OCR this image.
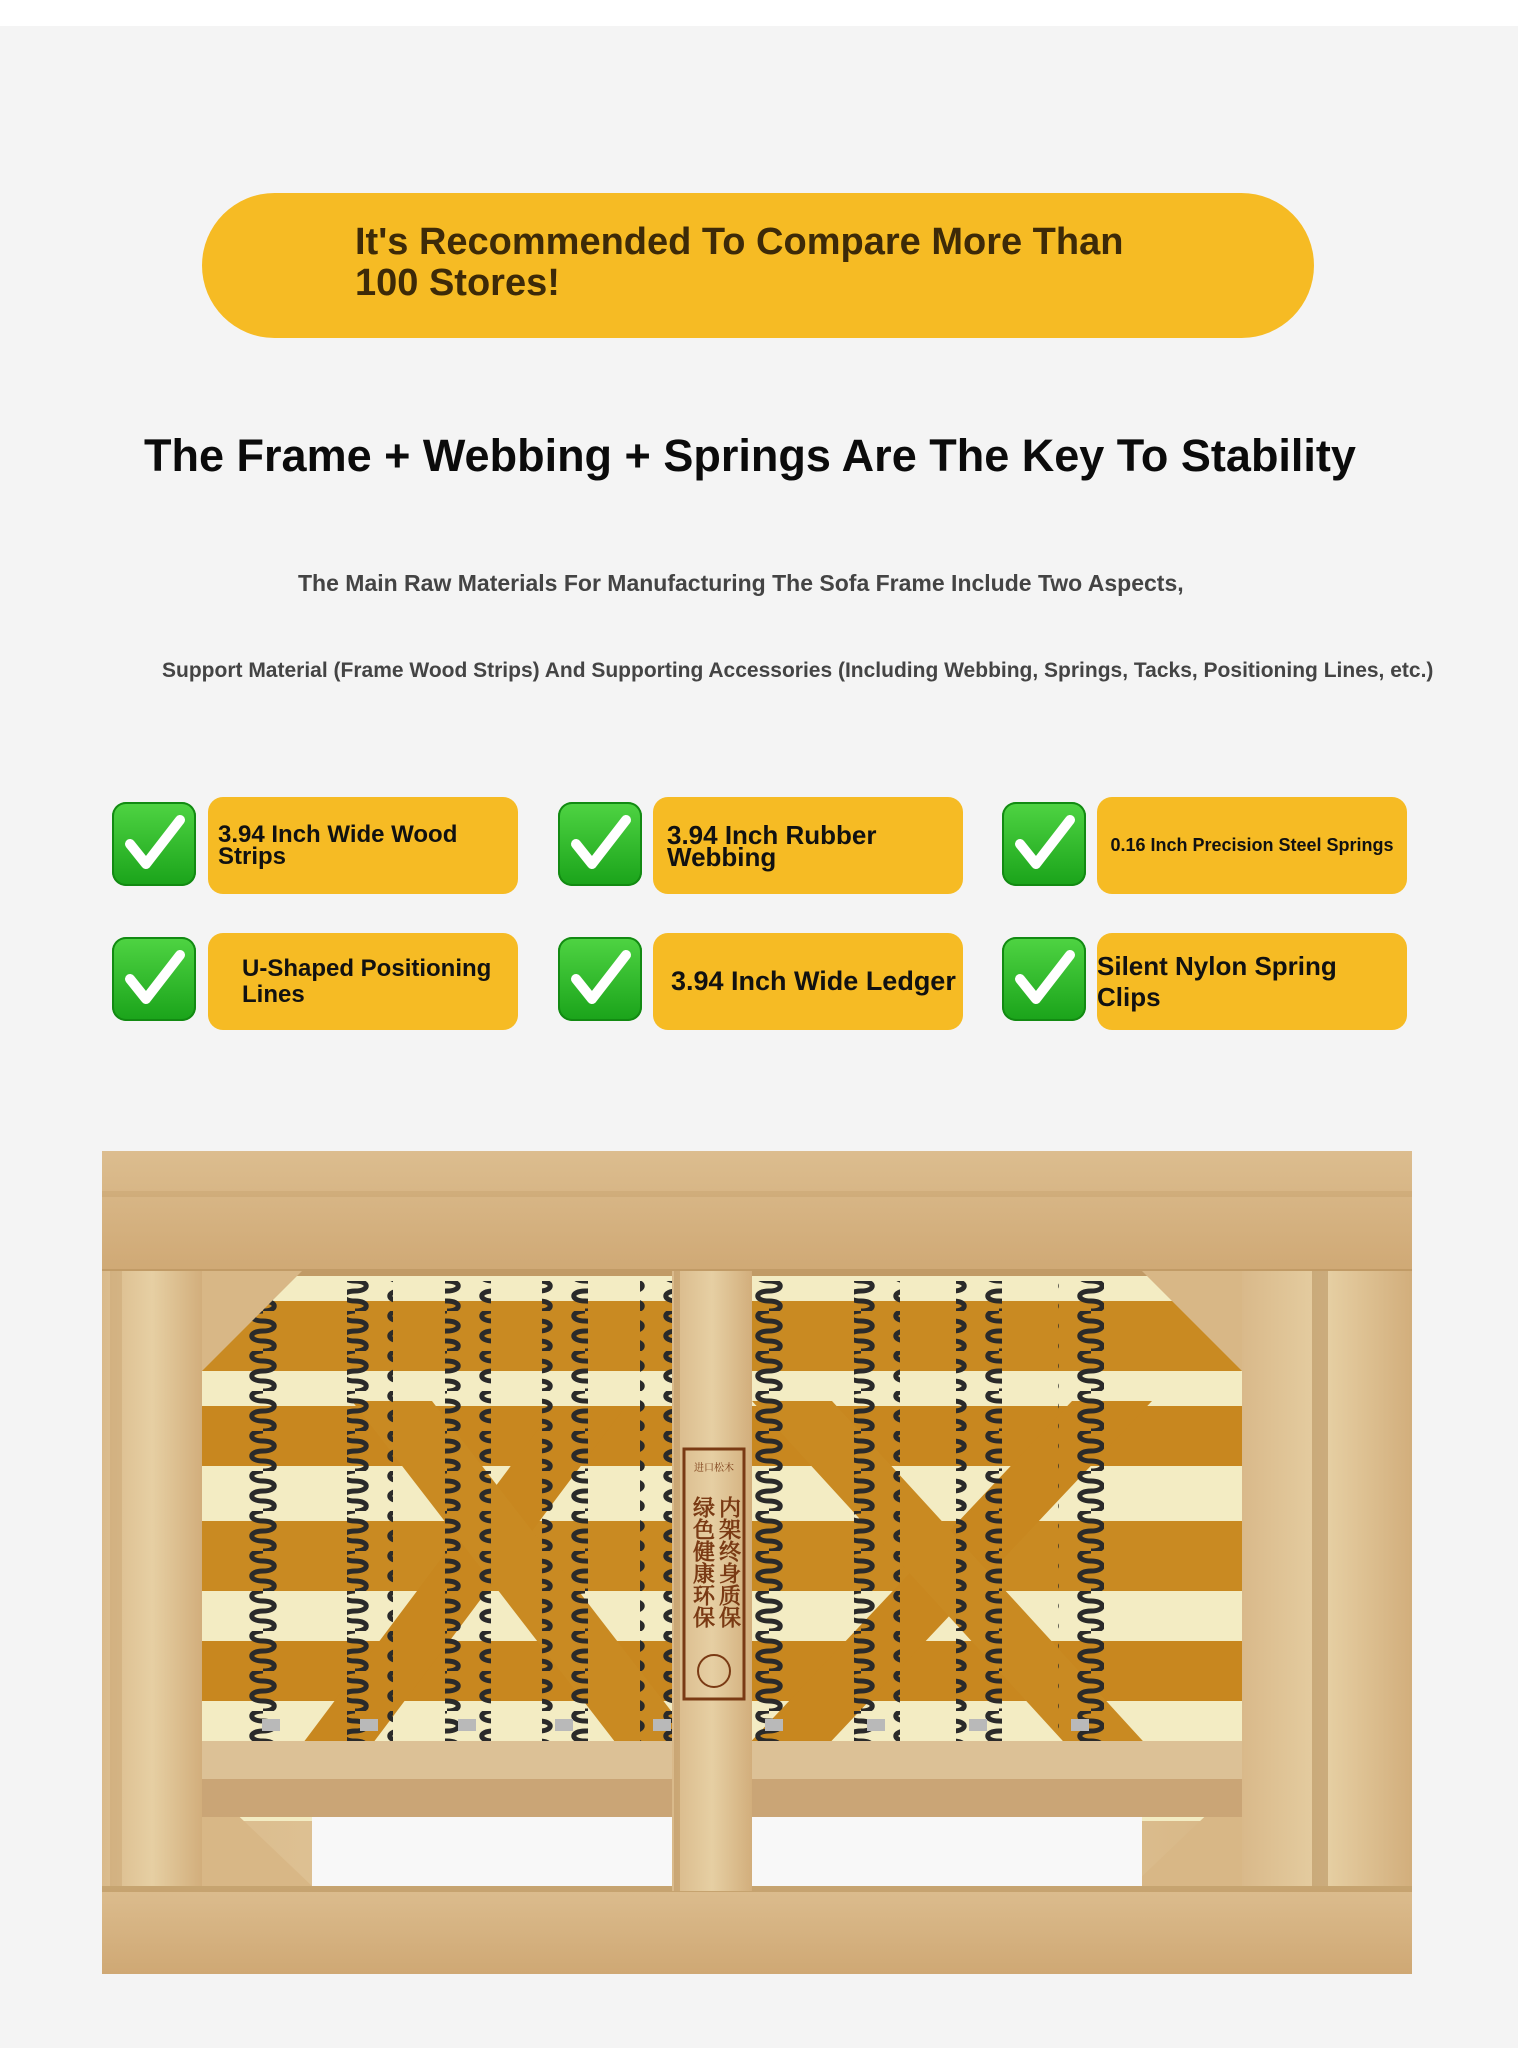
It's Recommended To Compare More Than 100 Stores!
The Frame + Webbing + Springs Are The Key To Stability
The Main Raw Materials For Manufacturing The Sofa Frame Include Two Aspects,
Support Material (Frame Wood Strips) And Supporting Accessories (Including Webbing, Springs, Tacks, Positioning Lines, etc.)
3.94 Inch Wide Wood Strips
3.94 Inch Rubber Webbing	0.16 Inch Precision Steel Springs
U-Shaped Positioning Lines	3.94 Inch Wide Ledger
Silent Nylon Spring Clips
进口松木
内架终身质保
绿色健康环保
